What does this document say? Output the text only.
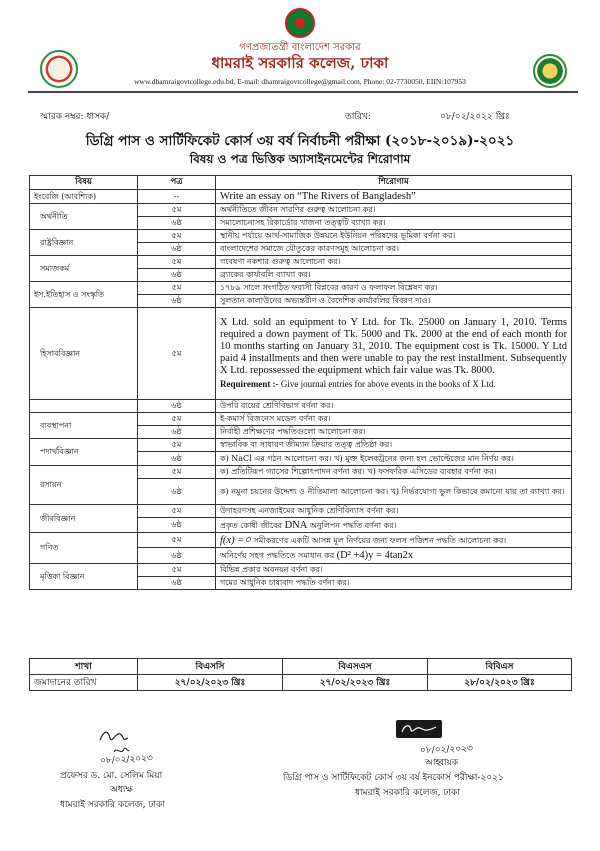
গণপ্রজাতন্ত্রী বাংলাদেশ সরকার
ধামরাই সরকারি কলেজ, ঢাকা
www.dhamraigovtcollege.edu.bd, E-mail: dhamraigovtcollege@gmail.com, Phone: 02-7730050, EIIN:107953
স্মারক নম্বর: ধাসক/	তারিখ:	০৮/০২/২০২২ খ্রিঃ
ডিগ্রি পাস ও সার্টিফিকেট কোর্স ৩য় বর্ষ নির্বাচনী পরীক্ষা (২০১৮-২০১৯)-২০২১
বিষয় ও পত্র ভিত্তিক অ্যাসাইনমেন্টের শিরোণাম
বিষয়	পত্র	শিরোণাম
ইংরেজি (আবশ্যিক)	--	Write an essay on “The Rivers of Bangladesh”
অর্থনীতি	৫ম	অর্থনীতিতে জীবন সারণির গুরুত্ব আলোচনা কর।
	৬ষ্ঠ	সমালোচনাসহ রিকার্ডোর খাজনা তত্ত্বটি ব্যাখ্যা কর।
রাষ্ট্রবিজ্ঞান	৫ম	স্থানীয় পর্যায়ে আর্থ-সামাজিক উন্নয়নে ইউনিয়ন পরিষদের ভূমিকা বর্ণনা কর।
	৬ষ্ঠ	বাংলাদেশের সমাজে যৌতুকের কারণসমূহ আলোচনা কর।
সমাজকর্ম	৫ম	গবেষণা নকশার গুরুত্ব আলোচনা কর।
	৬ষ্ঠ	ব্র্যাকের কার্যাবলি ব্যাখ্যা কর।
ইস.ইতিহাস ও সংস্কৃতি	৫ম	১৭৮৯ সালে সংগঠিত ফরাসী বিপ্লবের কারণ ও ফলাফল বিশ্লেষণ কর।
	৬ষ্ঠ	সুলতান কালাউনের অভ্যন্তরীণ ও বৈদেশিক কার্যাবলির বিবরণ দাও।
হিসাববিজ্ঞান	৫ম	X Ltd. sold an equipment to Y Ltd. for Tk. 25000 on January 1, 2010. Terms required a down payment of Tk. 5000 and Tk. 2000 at the end of each month for 10 months starting on January 31, 2010. The equipment cost is Tk. 15000. Y Ltd paid 4 installments and then were unable to pay the rest installment. Subsequently X Ltd. repossessed the equipment which fair value was Tk. 8000.
Requirement :- Give journal entries for above events in the books of X Ltd.

	৬ষ্ঠ	উপরি ব্যয়ের শ্রেণিবিভাগ বর্ণনা কর।
ব্যবস্থাপনা	৫ম	ই-কমার্স বিজনেস মডেল বর্ণনা কর।
	৬ষ্ঠ	নির্বাহী প্রশিক্ষণের পদ্ধতিগুলো আলোচনা কর।
পদার্থবিজ্ঞান	৫ম	স্বাভাবিক বা সাধারণ জীম্যান ক্রিয়ার তত্ত্ব প্রতিষ্ঠা কর।
	৬ষ্ঠ	ক) NaCl এর গঠন আলোচনা কর। খ) মুক্ত ইলেকট্রনের জন্য হল ভোল্টেজের মান নির্ণয় কর।
রসায়ন	৫ম	ক) প্রতিটিরূপ গ্যাসের শিল্পোৎপাদন বর্ণনা কর। খ) ফসফরিক এসিডের ব্যবহার বর্ণনা কর।
	৬ষ্ঠ	ক) নমুনা চয়নের উদ্দেশ্য ও নীতিমালা আলোচনা কর। খ) নির্ভরযোগ্য ভুল কিভাবে কমানো যায় তা ব্যাখ্যা কর।
জীববিজ্ঞান	৫ম	উদাহরণসহ এনজাইমের আধুনিক শ্রেণিবিন্যাস বর্ণনা কর।
	৬ষ্ঠ	প্রকৃত কোষী জীবের DNA অনুলিপন পদ্ধতি বর্ণনা কর।
গণিত	৫ম	f(x) =০ সমীকরণের একটি আসন্ন মূল নির্ণয়ের জন্য ফলস পজিশন পদ্ধতি আলোচনা কর।
	৬ষ্ঠ	অনির্ণেয় সহগ পদ্ধতিতে সমাধান কর (D² +4)y = 4tan2x
মৃত্তিকা বিজ্ঞান	৫ম	বিভিন্ন প্রকার অবনয়ন বর্ণনা কর।
	৬ষ্ঠ	গমের আধুনিক চাষাবাদ পদ্ধতি বর্ণনা কর।
শাখা	বিএসসি	বিএসএস	বিবিএস
জমাদানের তারিখ	২৭/০২/২০২৩ খ্রিঃ	২৭/০২/২০২৩ খ্রিঃ	২৮/০২/২০২৩ খ্রিঃ
০৮/০২/২০২৩
প্রফেসর ড. মো. সেলিম মিয়া
অধ্যক্ষ
ধামরাই সরকারি কলেজ, ঢাকা
০৮/০২/২০২৩
আহ্বায়ক
ডিগ্রি পাস ও সার্টিফিকেট কোর্স ৩য় বর্ষ ইনকোর্স পরীক্ষা-২০২১
ধামরাই সরকারি কলেজ, ঢাকা
